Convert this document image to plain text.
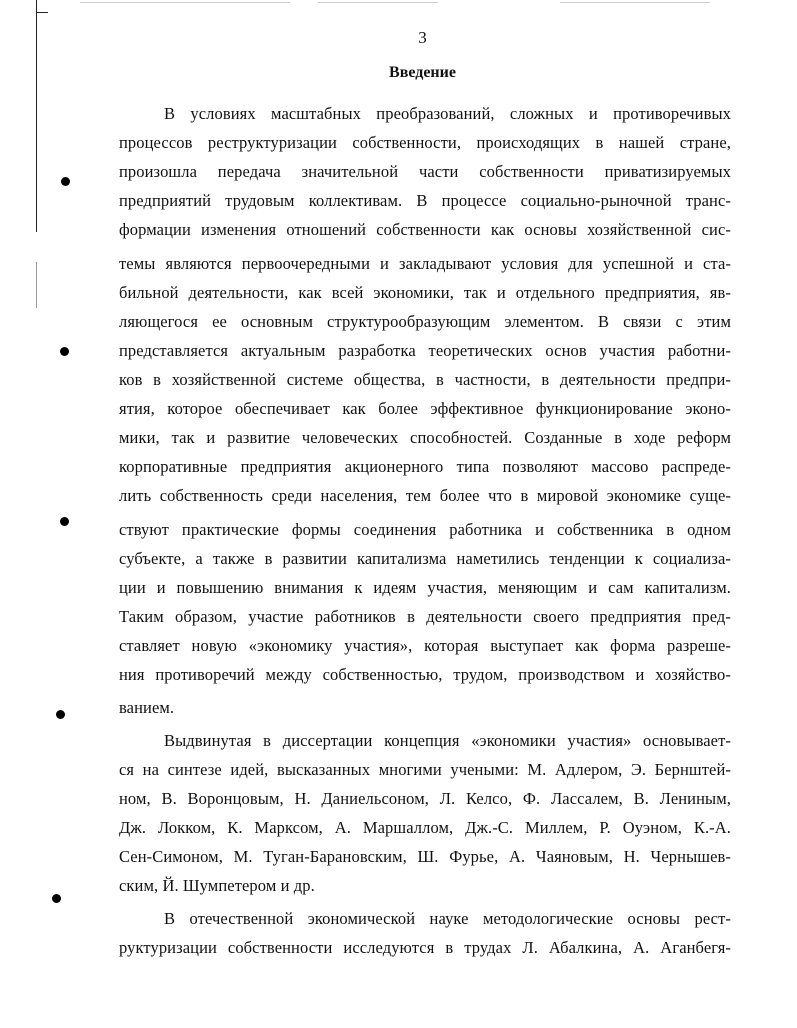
3
Введение
В условиях масштабных преобразований, сложных и противоречивых
процессов реструктуризации собственности, происходящих в нашей стране,
произошла передача значительной части собственности приватизируемых
предприятий трудовым коллективам. В процессе социально-рыночной транс-
формации изменения отношений собственности как основы хозяйственной сис-
темы являются первоочередными и закладывают условия для успешной и ста-
бильной деятельности, как всей экономики, так и отдельного предприятия, яв-
ляющегося ее основным структурообразующим элементом. В связи с этим
представляется актуальным разработка теоретических основ участия работни-
ков в хозяйственной системе общества, в частности, в деятельности предпри-
ятия, которое обеспечивает как более эффективное функционирование эконо-
мики, так и развитие человеческих способностей. Созданные в ходе реформ
корпоративные предприятия акционерного типа позволяют массово распреде-
лить собственность среди населения, тем более что в мировой экономике суще-
ствуют практические формы соединения работника и собственника в одном
субъекте, а также в развитии капитализма наметились тенденции к социализа-
ции и повышению внимания к идеям участия, меняющим и сам капитализм.
Таким образом, участие работников в деятельности своего предприятия пред-
ставляет новую «экономику участия», которая выступает как форма разреше-
ния противоречий между собственностью, трудом, производством и хозяйство-
ванием.
Выдвинутая в диссертации концепция «экономики участия» основывает-
ся на синтезе идей, высказанных многими учеными: М. Адлером, Э. Бернштей-
ном, В. Воронцовым, Н. Даниельсоном, Л. Келсо, Ф. Лассалем, В. Лениным,
Дж. Локком, К. Марксом, А. Маршаллом, Дж.-С. Миллем, Р. Оуэном, К.-А.
Сен-Симоном, М. Туган-Барановским, Ш. Фурье, А. Чаяновым, Н. Чернышев-
ским, Й. Шумпетером и др.
В отечественной экономической науке методологические основы рест-
руктуризации собственности исследуются в трудах Л. Абалкина, А. Аганбегя-
